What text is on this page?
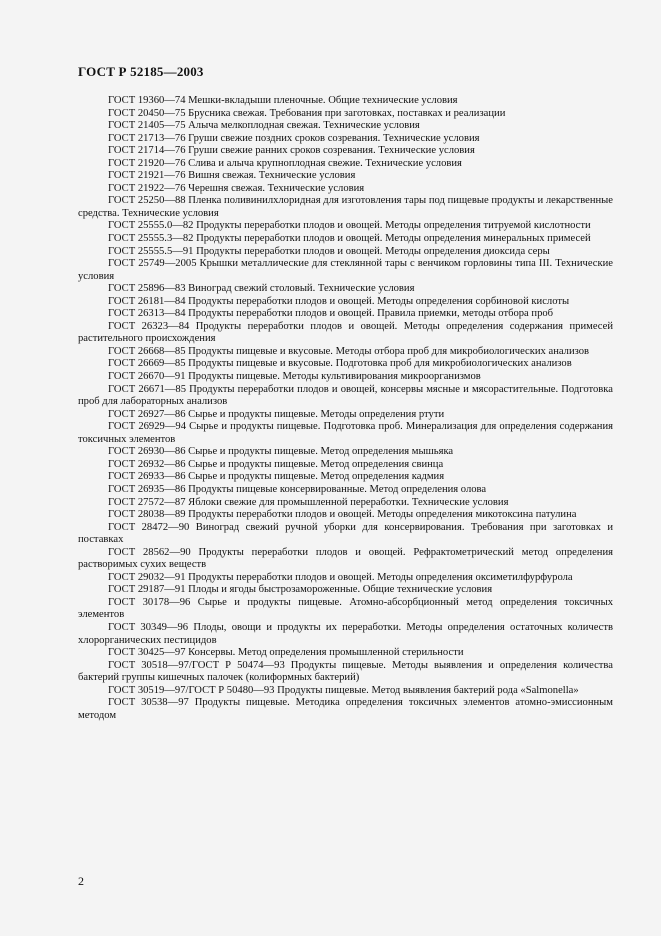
ГОСТ Р 52185—2003

ГОСТ 19360—74 Мешки-вкладыши пленочные. Общие технические условия

ГОСТ 20450—75 Брусника свежая. Требования при заготовках, поставках и реализации

ГОСТ 21405—75 Алыча мелкоплодная свежая. Технические условия

ГОСТ 21713—76 Груши свежие поздних сроков созревания. Технические условия

ГОСТ 21714—76 Груши свежие ранних сроков созревания. Технические условия

ГОСТ 21920—76 Слива и алыча крупноплодная свежие. Технические условия

ГОСТ 21921—76 Вишня свежая. Технические условия

ГОСТ 21922—76 Черешня свежая. Технические условия

ГОСТ 25250—88 Пленка поливинилхлоридная для изготовления тары под пищевые продукты и лекарственные средства. Технические условия

ГОСТ 25555.0—82 Продукты переработки плодов и овощей. Методы определения титруемой кислотности

ГОСТ 25555.3—82 Продукты переработки плодов и овощей. Методы определения минеральных примесей

ГОСТ 25555.5—91 Продукты переработки плодов и овощей. Методы определения диоксида серы

ГОСТ 25749—2005 Крышки металлические для стеклянной тары с венчиком горловины типа III. Технические условия

ГОСТ 25896—83 Виноград свежий столовый. Технические условия

ГОСТ 26181—84 Продукты переработки плодов и овощей. Методы определения сорбиновой кислоты

ГОСТ 26313—84 Продукты переработки плодов и овощей. Правила приемки, методы отбора проб

ГОСТ 26323—84 Продукты переработки плодов и овощей. Методы определения содержания примесей растительного происхождения

ГОСТ 26668—85 Продукты пищевые и вкусовые. Методы отбора проб для микробиологических анализов

ГОСТ 26669—85 Продукты пищевые и вкусовые. Подготовка проб для микробиологических анализов

ГОСТ 26670—91 Продукты пищевые. Методы культивирования микроорганизмов

ГОСТ 26671—85 Продукты переработки плодов и овощей, консервы мясные и мясорастительные. Подготовка проб для лабораторных анализов

ГОСТ 26927—86 Сырье и продукты пищевые. Методы определения ртути

ГОСТ 26929—94 Сырье и продукты пищевые. Подготовка проб. Минерализация для определения содержания токсичных элементов

ГОСТ 26930—86 Сырье и продукты пищевые. Метод определения мышьяка

ГОСТ 26932—86 Сырье и продукты пищевые. Метод определения свинца

ГОСТ 26933—86 Сырье и продукты пищевые. Метод определения кадмия

ГОСТ 26935—86 Продукты пищевые консервированные. Метод определения олова

ГОСТ 27572—87 Яблоки свежие для промышленной переработки. Технические условия

ГОСТ 28038—89 Продукты переработки плодов и овощей. Методы определения микотоксина патулина

ГОСТ 28472—90 Виноград свежий ручной уборки для консервирования. Требования при заготовках и поставках

ГОСТ 28562—90 Продукты переработки плодов и овощей. Рефрактометрический метод определения растворимых сухих веществ

ГОСТ 29032—91 Продукты переработки плодов и овощей. Методы определения оксиметилфурфурола

ГОСТ 29187—91 Плоды и ягоды быстрозамороженные. Общие технические условия

ГОСТ 30178—96 Сырье и продукты пищевые. Атомно-абсорбционный метод определения токсичных элементов

ГОСТ 30349—96 Плоды, овощи и продукты их переработки. Методы определения остаточных количеств хлорорганических пестицидов

ГОСТ 30425—97 Консервы. Метод определения промышленной стерильности

ГОСТ 30518—97/ГОСТ Р 50474—93 Продукты пищевые. Методы выявления и определения количества бактерий группы кишечных палочек (колиформных бактерий)

ГОСТ 30519—97/ГОСТ Р 50480—93 Продукты пищевые. Метод выявления бактерий рода «Salmonella»

ГОСТ 30538—97 Продукты пищевые. Методика определения токсичных элементов атомно-эмиссионным методом

2
